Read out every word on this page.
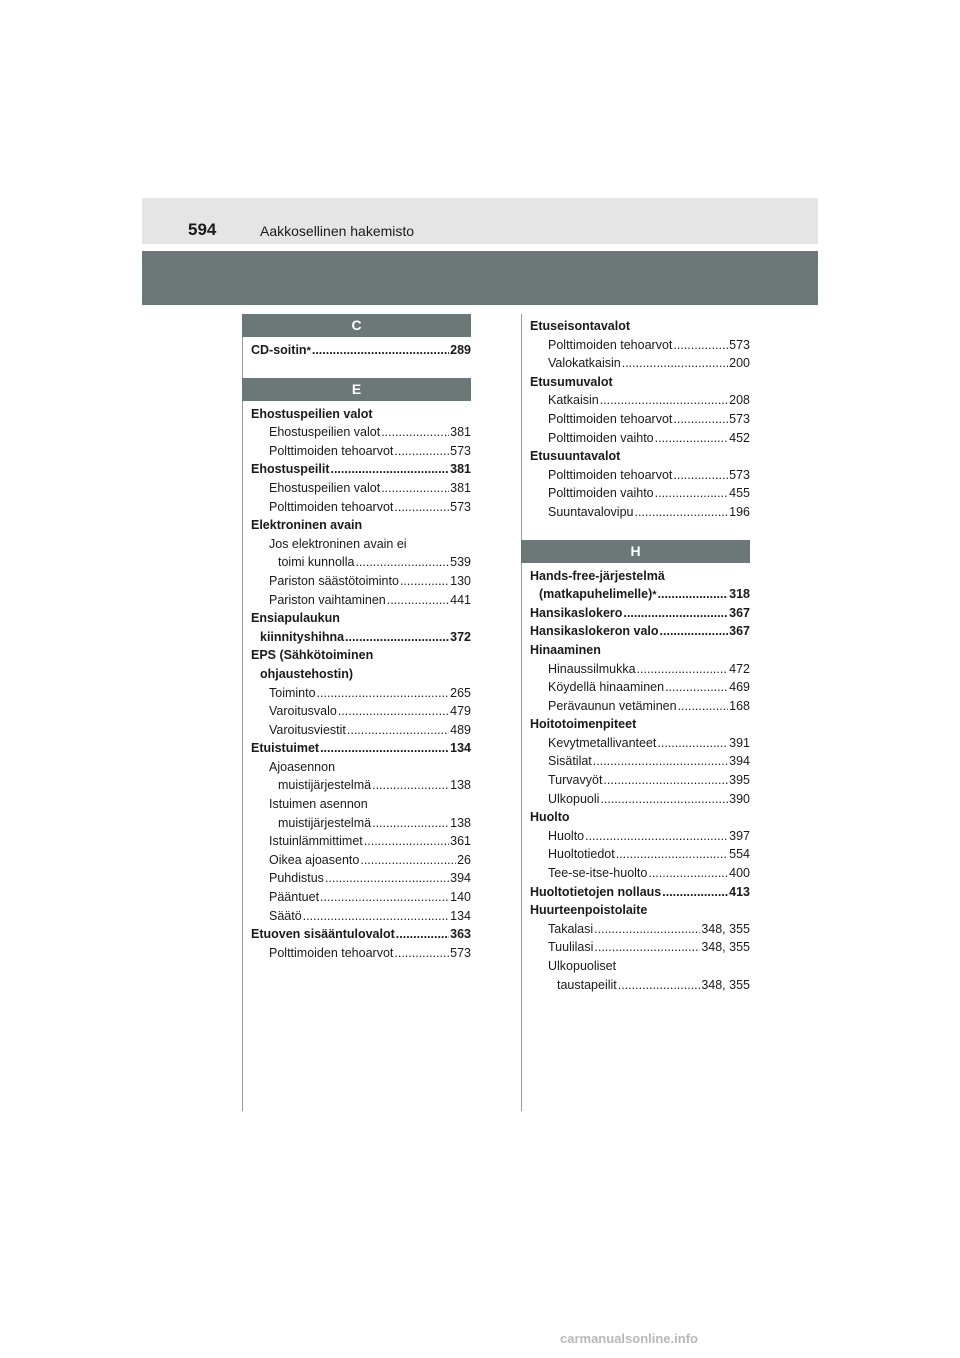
594	Aakkosellinen hakemisto
C
CD-soitin * .....	289
E
Ehostuspeilien valot
Ehostuspeilien valot .....	381
Polttimoiden tehoarvot .....	573
Ehostuspeilit .....	381
Ehostuspeilien valot .....	381
Polttimoiden tehoarvot .....	573
Elektroninen avain
Jos elektroninen avain ei
toimi kunnolla .....	539
Pariston säästötoiminto .....	130
Pariston vaihtaminen .....	441
Ensiapulaukun
kiinnityshihna .....	372
EPS (Sähkötoiminen
ohjaustehostin)
Toiminto .....	265
Varoitusvalo .....	479
Varoitusviestit .....	489
Etuistuimet .....	134
Ajoasennon
muistijärjestelmä .....	138
Istuimen asennon
muistijärjestelmä .....	138
Istuinlämmittimet .....	361
Oikea ajoasento .....	26
Puhdistus .....	394
Pääntuet .....	140
Säätö .....	134
Etuoven sisääntulovalot .....	363
Polttimoiden tehoarvot .....	573
Etuseisontavalot
Polttimoiden tehoarvot .....	573
Valokatkaisin .....	200
Etusumuvalot
Katkaisin .....	208
Polttimoiden tehoarvot .....	573
Polttimoiden vaihto .....	452
Etusuuntavalot
Polttimoiden tehoarvot .....	573
Polttimoiden vaihto .....	455
Suuntavalovipu .....	196
H
Hands-free-järjestelmä
(matkapuhelimelle) * .....	318
Hansikaslokero .....	367
Hansikaslokeron valo .....	367
Hinaaminen
Hinaussilmukka .....	472
Köydellä hinaaminen .....	469
Perävaunun vetäminen .....	168
Hoitotoimenpiteet
Kevytmetallivanteet .....	391
Sisätilat .....	394
Turvavyöt .....	395
Ulkopuoli .....	390
Huolto
Huolto .....	397
Huoltotiedot .....	554
Tee-se-itse-huolto .....	400
Huoltotietojen nollaus .....	413
Huurteenpoistolaite
Takalasi .....	348, 355
Tuulilasi .....	348, 355
Ulkopuoliset
taustapeilit .....	348, 355
carmanualsonline.info
